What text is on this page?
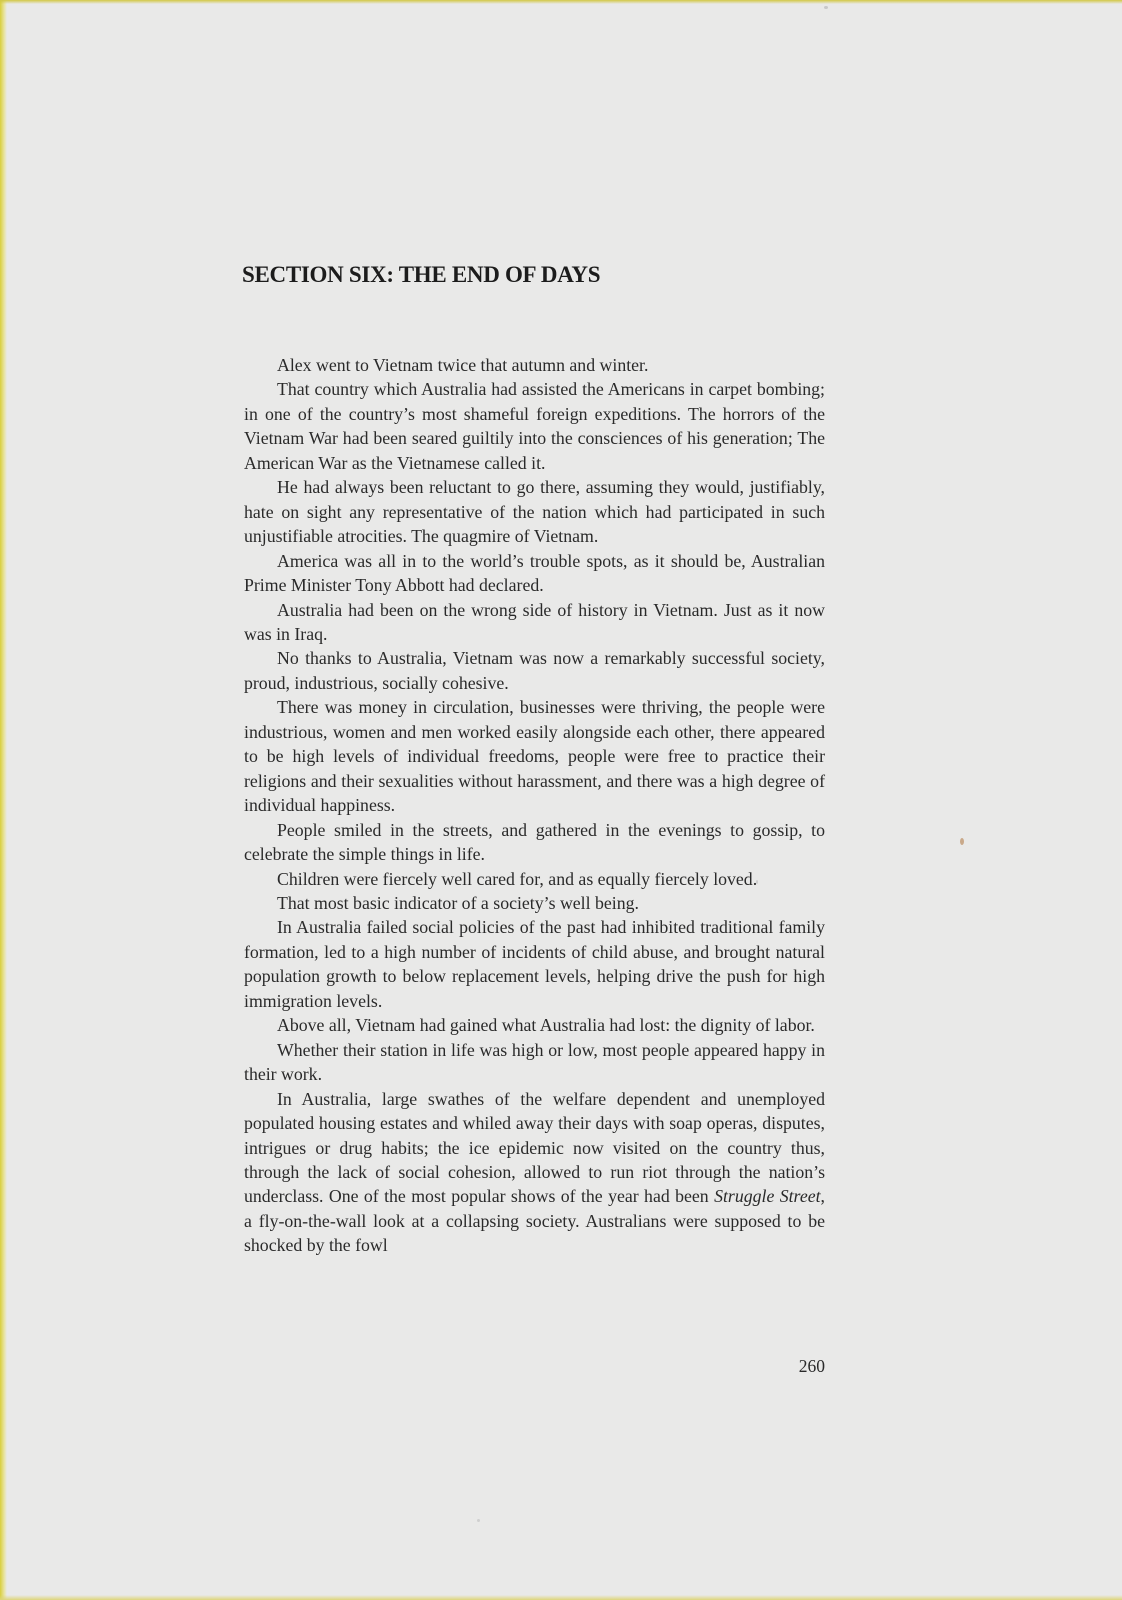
SECTION SIX: THE END OF DAYS

Alex went to Vietnam twice that autumn and winter.

That country which Australia had assisted the Americans in carpet bombing; in one of the country’s most shameful foreign expeditions. The horrors of the Vietnam War had been seared guiltily into the consciences of his generation; The American War as the Vietnamese called it.

He had always been reluctant to go there, assuming they would, justifiably, hate on sight any representative of the nation which had participated in such unjustifiable atrocities. The quagmire of Vietnam.

America was all in to the world’s trouble spots, as it should be, Australian Prime Minister Tony Abbott had declared.

Australia had been on the wrong side of history in Vietnam. Just as it now was in Iraq.

No thanks to Australia, Vietnam was now a remarkably successful society, proud, industrious, socially cohesive.

There was money in circulation, businesses were thriving, the people were industrious, women and men worked easily alongside each other, there appeared to be high levels of individual freedoms, people were free to practice their religions and their sexualities without harassment, and there was a high degree of individual happiness.

People smiled in the streets, and gathered in the evenings to gossip, to celebrate the simple things in life.

Children were fiercely well cared for, and as equally fiercely loved.

That most basic indicator of a society’s well being.

In Australia failed social policies of the past had inhibited traditional family formation, led to a high number of incidents of child abuse, and brought natural population growth to below replacement levels, helping drive the push for high immigration levels.

Above all, Vietnam had gained what Australia had lost: the dignity of labor.

Whether their station in life was high or low, most people appeared happy in their work.

In Australia, large swathes of the welfare dependent and unemployed populated housing estates and whiled away their days with soap operas, disputes, intrigues or drug habits; the ice epidemic now visited on the country thus, through the lack of social cohesion, allowed to run riot through the nation’s underclass. One of the most popular shows of the year had been Struggle Street, a fly-on-the-wall look at a collapsing society. Australians were supposed to be shocked by the fowl

260
